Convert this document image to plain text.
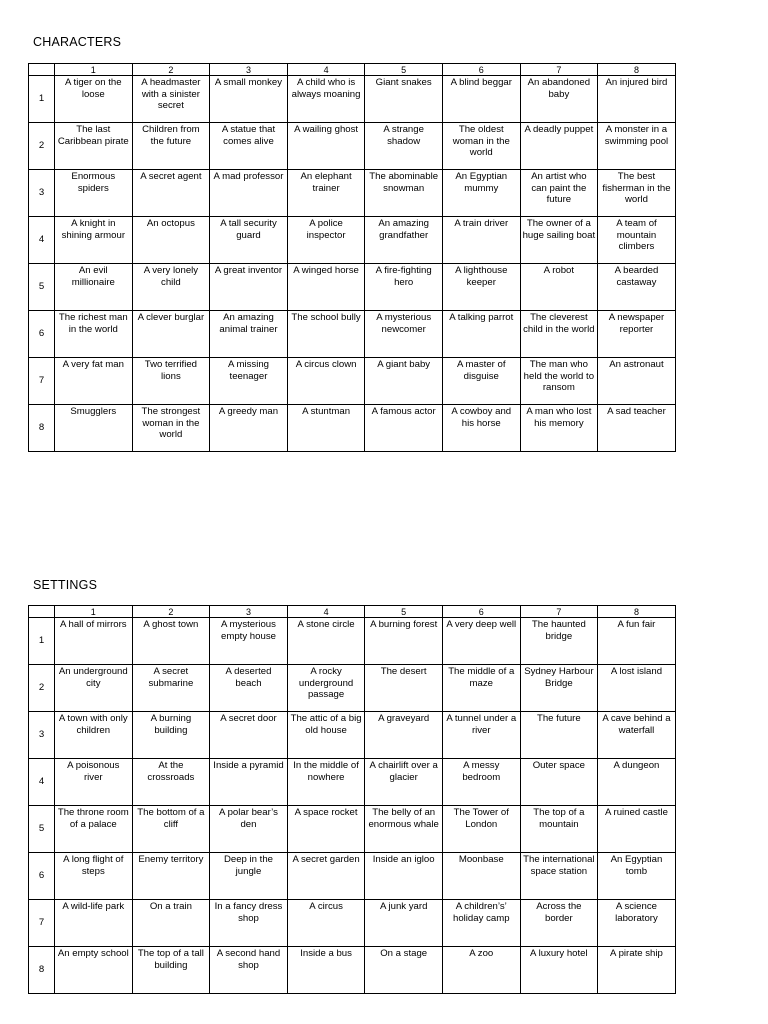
CHARACTERS
	1	2	3	4	5	6	7	8
1	A tiger on the loose	A headmaster with a sinister secret	A small monkey	A child who is always moaning	Giant snakes	A blind beggar	An abandoned baby	An injured bird
2	The last Caribbean pirate	Children from the future	A statue that comes alive	A wailing ghost	A strange shadow	The oldest woman in the world	A deadly puppet	A monster in a swimming pool
3	Enormous spiders	A secret agent	A mad professor	An elephant trainer	The abominable snowman	An Egyptian mummy	An artist who can paint the future	The best fisherman in the world
4	A knight in shining armour	An octopus	A tall security guard	A police inspector	An amazing grandfather	A train driver	The owner of a huge sailing boat	A team of mountain climbers
5	An evil millionaire	A very lonely child	A great inventor	A winged horse	A fire-fighting hero	A lighthouse keeper	A robot	A bearded castaway
6	The richest man in the world	A clever burglar	An amazing animal trainer	The school bully	A mysterious newcomer	A talking parrot	The cleverest child in the world	A newspaper reporter
7	A very fat man	Two terrified lions	A missing teenager	A circus clown	A giant baby	A master of disguise	The man who held the world to ransom	An astronaut
8	Smugglers	The strongest woman in the world	A greedy man	A stuntman	A famous actor	A cowboy and his horse	A man who lost his memory	A sad teacher
SETTINGS
	1	2	3	4	5	6	7	8
1	A hall of mirrors	A ghost town	A mysterious empty house	A stone circle	A burning forest	A very deep well	The haunted bridge	A fun fair
2	An underground city	A secret submarine	A deserted beach	A rocky underground passage	The desert	The middle of a maze	Sydney Harbour Bridge	A lost island
3	A town with only children	A burning building	A secret door	The attic of a big old house	A graveyard	A tunnel under a river	The future	A cave behind a waterfall
4	A poisonous river	At the crossroads	Inside a pyramid	In the middle of nowhere	A chairlift over a glacier	A messy bedroom	Outer space	A dungeon
5	The throne room of a palace	The bottom of a cliff	A polar bear’s den	A space rocket	The belly of an enormous whale	The Tower of London	The top of a mountain	A ruined castle
6	A long flight of steps	Enemy territory	Deep in the jungle	A secret garden	Inside an igloo	Moonbase	The international space station	An Egyptian tomb
7	A wild-life park	On a train	In a fancy dress shop	A circus	A junk yard	A children’s’ holiday camp	Across the border	A science laboratory
8	An empty school	The top of a tall building	A second hand shop	Inside a bus	On a stage	A zoo	A luxury hotel	A pirate ship
